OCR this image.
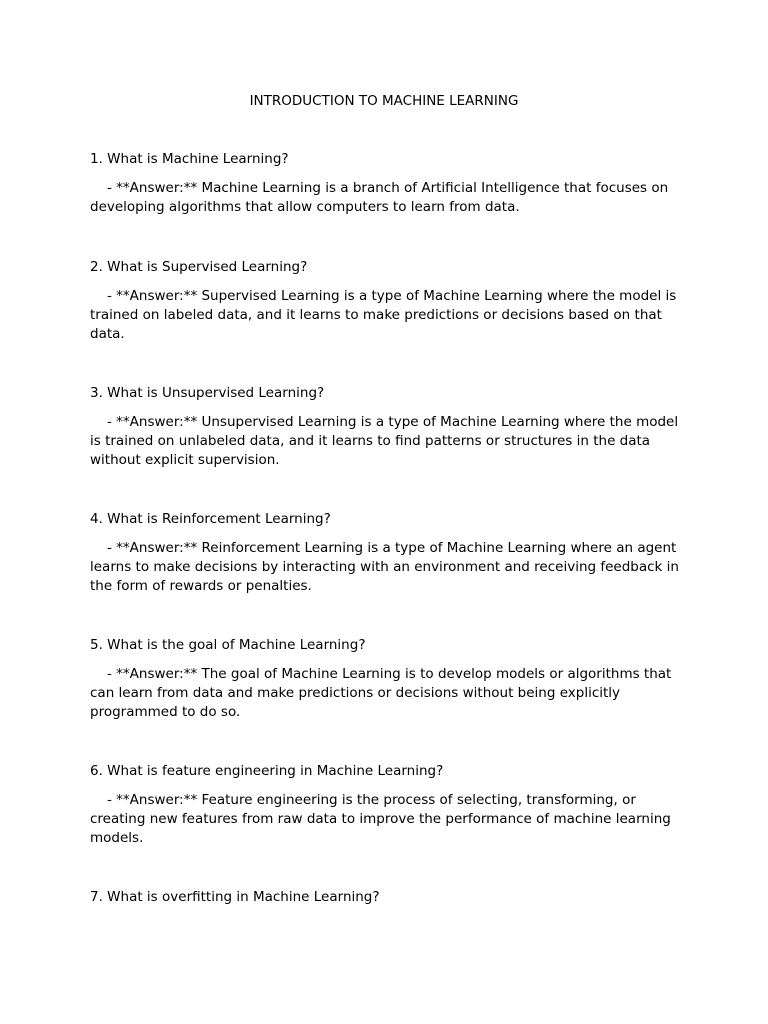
INTRODUCTION TO MACHINE LEARNING

1. What is Machine Learning?

- **Answer:** Machine Learning is a branch of Artificial Intelligence that focuses on developing algorithms that allow computers to learn from data.

2. What is Supervised Learning?

- **Answer:** Supervised Learning is a type of Machine Learning where the model is trained on labeled data, and it learns to make predictions or decisions based on that data.

3. What is Unsupervised Learning?

- **Answer:** Unsupervised Learning is a type of Machine Learning where the model is trained on unlabeled data, and it learns to find patterns or structures in the data without explicit supervision.

4. What is Reinforcement Learning?

- **Answer:** Reinforcement Learning is a type of Machine Learning where an agent learns to make decisions by interacting with an environment and receiving feedback in the form of rewards or penalties.

5. What is the goal of Machine Learning?

- **Answer:** The goal of Machine Learning is to develop models or algorithms that can learn from data and make predictions or decisions without being explicitly programmed to do so.

6. What is feature engineering in Machine Learning?

- **Answer:** Feature engineering is the process of selecting, transforming, or creating new features from raw data to improve the performance of machine learning models.

7. What is overfitting in Machine Learning?
